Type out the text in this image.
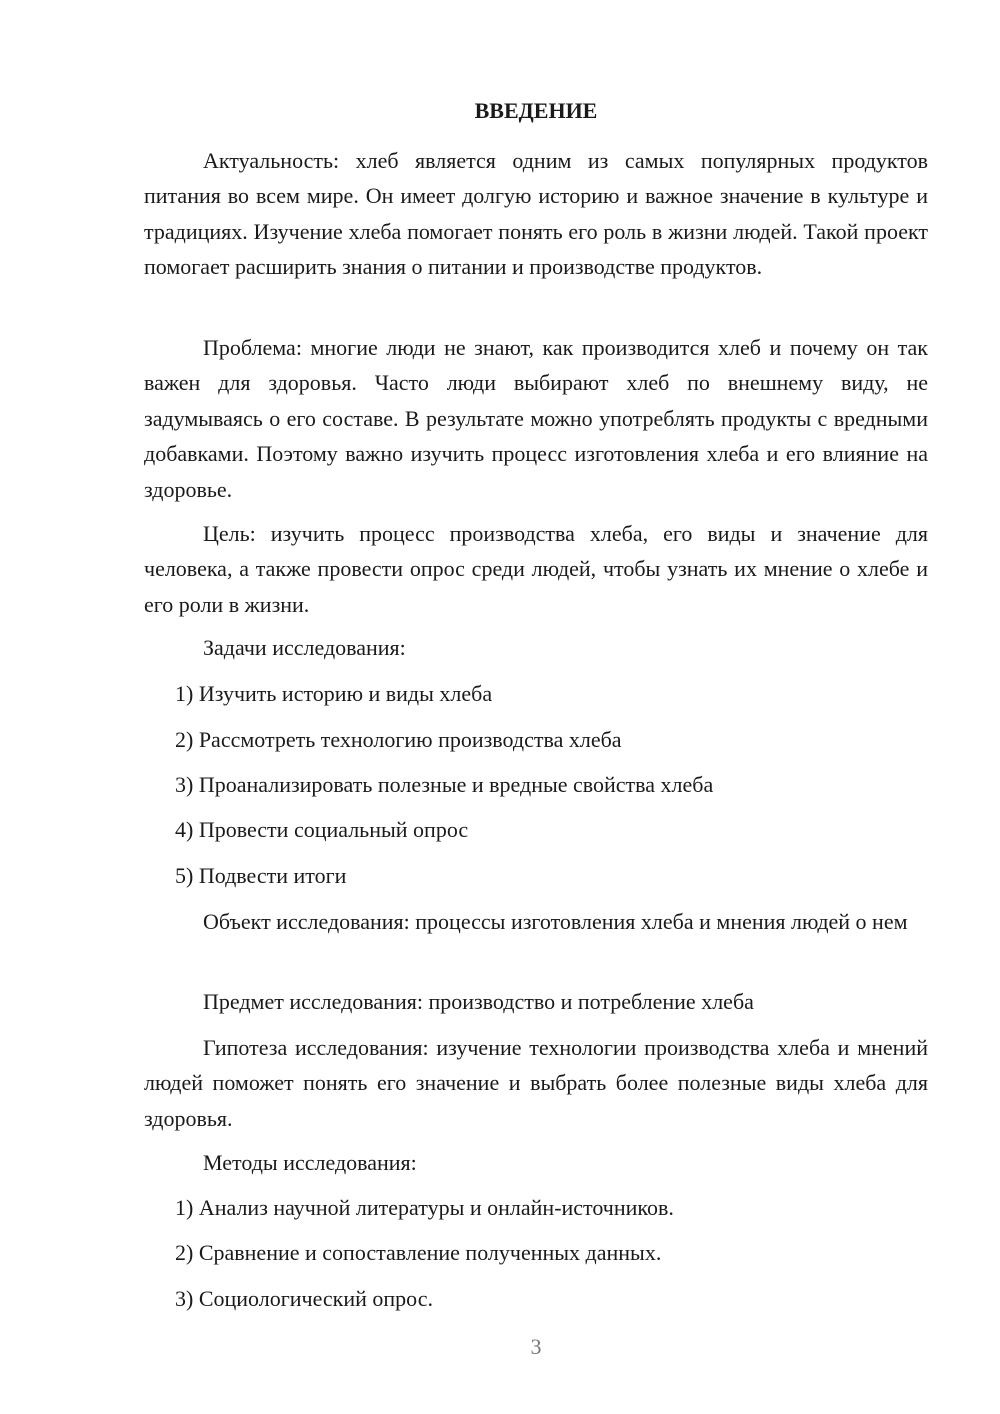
ВВЕДЕНИЕ

Актуальность: хлеб является одним из самых популярных продуктов питания во всем мире. Он имеет долгую историю и важное значение в культуре и традициях. Изучение хлеба помогает понять его роль в жизни людей. Такой проект помогает расширить знания о питании и производстве продуктов.

Проблема: многие люди не знают, как производится хлеб и почему он так важен для здоровья. Часто люди выбирают хлеб по внешнему виду, не задумываясь о его составе. В результате можно употреблять продукты с вредными добавками. Поэтому важно изучить процесс изготовления хлеба и его влияние на здоровье.

Цель: изучить процесс производства хлеба, его виды и значение для человека, а также провести опрос среди людей, чтобы узнать их мнение о хлебе и его роли в жизни.

Задачи исследования:
1) Изучить историю и виды хлеба
2) Рассмотреть технологию производства хлеба
3) Проанализировать полезные и вредные свойства хлеба
4) Провести социальный опрос
5) Подвести итоги

Объект исследования: процессы изготовления хлеба и мнения людей о нем

Предмет исследования: производство и потребление хлеба

Гипотеза исследования: изучение технологии производства хлеба и мнений людей поможет понять его значение и выбрать более полезные виды хлеба для здоровья.

Методы исследования:
1) Анализ научной литературы и онлайн-источников.
2) Сравнение и сопоставление полученных данных.
3) Социологический опрос.
3
